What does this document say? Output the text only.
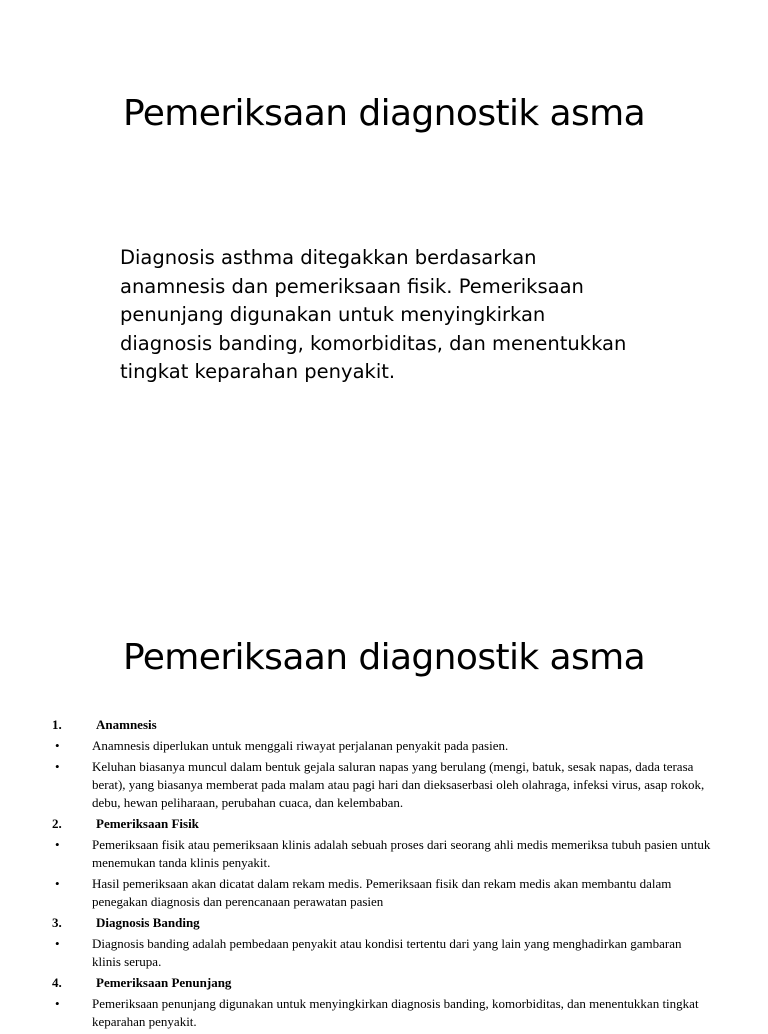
Pemeriksaan diagnostik asma

Diagnosis asthma ditegakkan berdasarkan anamnesis dan pemeriksaan fisik. Pemeriksaan penunjang digunakan untuk menyingkirkan diagnosis banding, komorbiditas, dan menentukkan tingkat keparahan penyakit.

Pemeriksaan diagnostik asma
1.	Anamnesis
•	Anamnesis diperlukan untuk menggali riwayat perjalanan penyakit pada pasien.
•	Keluhan biasanya muncul dalam bentuk gejala saluran napas yang berulang (mengi, batuk, sesak napas, dada terasa berat), yang biasanya memberat pada malam atau pagi hari dan dieksaserbasi oleh olahraga, infeksi virus, asap rokok, debu, hewan peliharaan, perubahan cuaca, dan kelembaban.
2.	Pemeriksaan Fisik
•	Pemeriksaan fisik atau pemeriksaan klinis adalah sebuah proses dari seorang ahli medis memeriksa tubuh pasien untuk menemukan tanda klinis penyakit.
•	Hasil pemeriksaan akan dicatat dalam rekam medis. Pemeriksaan fisik dan rekam medis akan membantu dalam penegakan diagnosis dan perencanaan perawatan pasien
3.	Diagnosis Banding
•	Diagnosis banding adalah pembedaan penyakit atau kondisi tertentu dari yang lain yang menghadirkan gambaran klinis serupa.
4.	Pemeriksaan Penunjang
•	Pemeriksaan penunjang digunakan untuk menyingkirkan diagnosis banding, komorbiditas, dan menentukkan tingkat keparahan penyakit.
